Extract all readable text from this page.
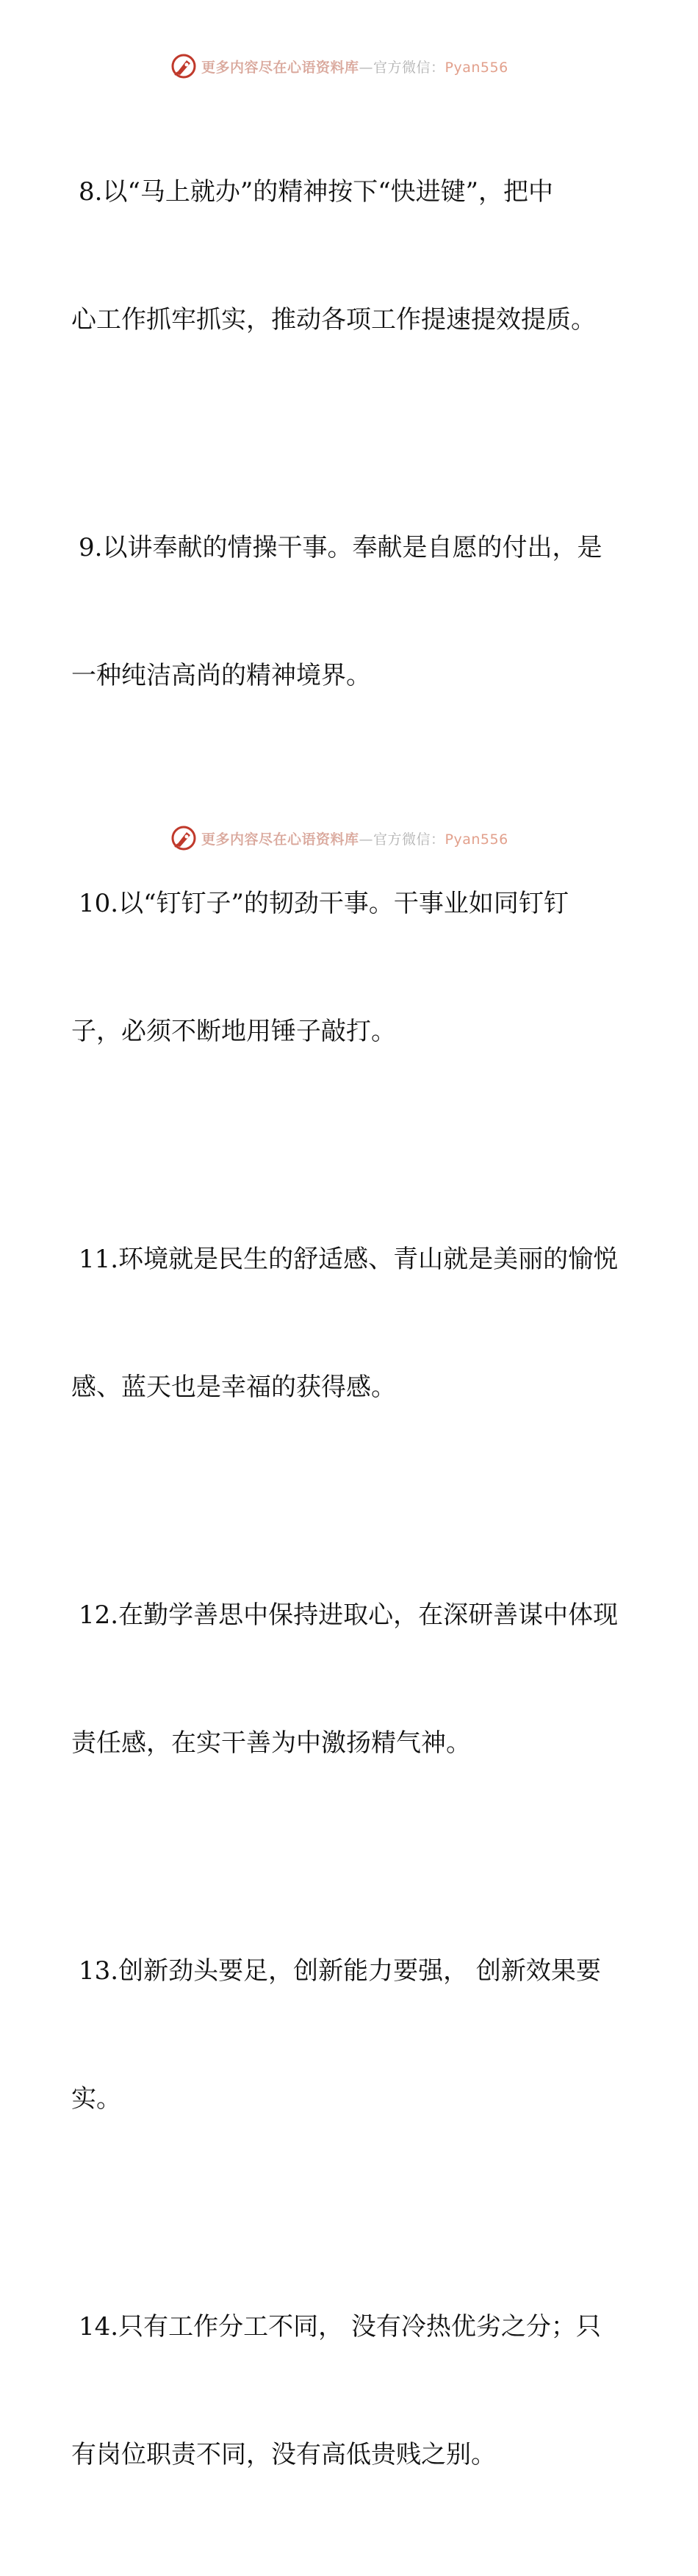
更多内容尽在心语资料库—官方微信：Pyan556

8.以“马上就办”的精神按下“快进键”，把中

心工作抓牢抓实，推动各项工作提速提效提质。

9.以讲奉献的情操干事。奉献是自愿的付出，是

一种纯洁高尚的精神境界。

10.以“钉钉子”的韧劲干事。干事业如同钉钉

子，必须不断地用锤子敲打。

11.环境就是民生的舒适感、青山就是美丽的愉悦

感、蓝天也是幸福的获得感。

12.在勤学善思中保持进取心，在深研善谋中体现

责任感，在实干善为中激扬精气神。

13.创新劲头要足，创新能力要强， 创新效果要

实。

14.只有工作分工不同， 没有冷热优劣之分；只

有岗位职责不同，没有高低贵贱之别。

更多内容尽在心语资料库—官方微信：Pyan556
